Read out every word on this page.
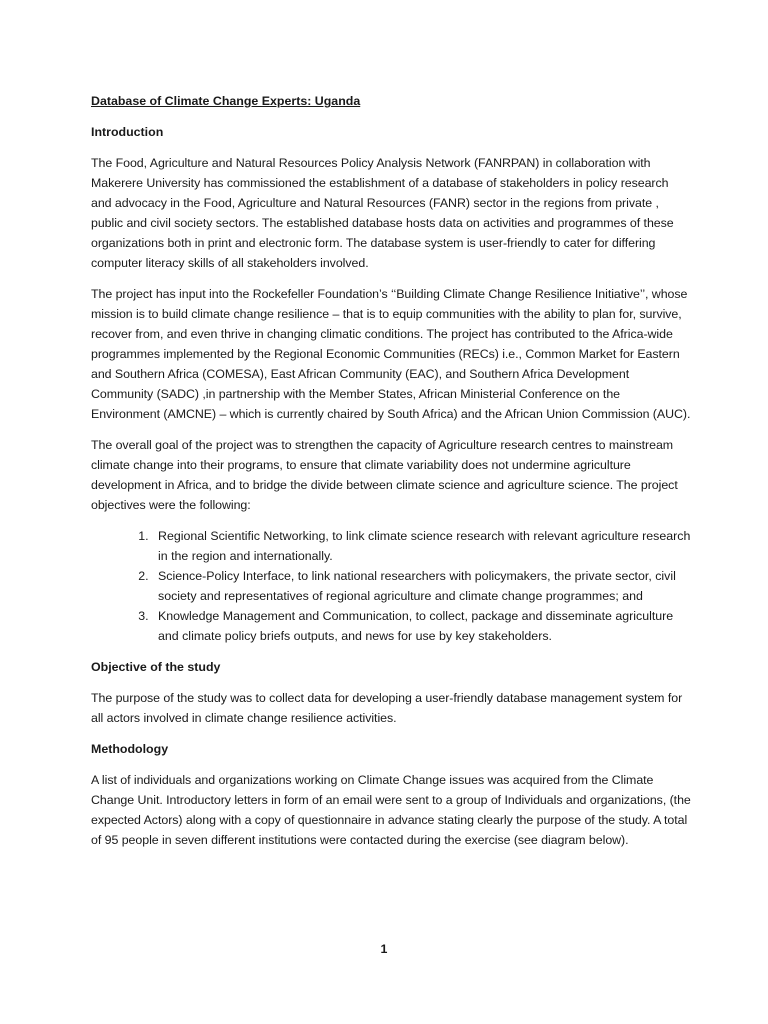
Database of Climate Change Experts: Uganda
Introduction

The Food, Agriculture and Natural Resources Policy Analysis Network (FANRPAN) in collaboration with Makerere University has commissioned the establishment of a database of stakeholders in policy research and advocacy in the Food, Agriculture and Natural Resources (FANR) sector in the regions from private , public and civil society sectors. The established database hosts data on activities and programmes of these organizations both in print and electronic form. The database system is user-friendly to cater for differing computer literacy skills of all stakeholders involved.

The project has input into the Rockefeller Foundation’s ‘‘Building Climate Change Resilience Initiative’’, whose mission is to build climate change resilience – that is to equip communities with the ability to plan for, survive, recover from, and even thrive in changing climatic conditions. The project has contributed to the Africa-wide programmes implemented by the Regional Economic Communities (RECs) i.e., Common Market for Eastern and Southern Africa (COMESA), East African Community (EAC), and Southern Africa Development Community (SADC) ,in partnership with the Member States, African Ministerial Conference on the Environment (AMCNE) – which is currently chaired by South Africa) and the African Union Commission (AUC).

The overall goal of the project was to strengthen the capacity of Agriculture research centres to mainstream climate change into their programs, to ensure that climate variability does not undermine agriculture development in Africa, and to bridge the divide between climate science and agriculture science. The project objectives were the following:

1. Regional Scientific Networking, to link climate science research with relevant agriculture research in the region and internationally.
2. Science-Policy Interface, to link national researchers with policymakers, the private sector, civil society and representatives of regional agriculture and climate change programmes; and
3. Knowledge Management and Communication, to collect, package and disseminate agriculture and climate policy briefs outputs, and news for use by key stakeholders.
Objective of the study

The purpose of the study was to collect data for developing a user-friendly database management system for all actors involved in climate change resilience activities.

Methodology

A list of individuals and organizations working on Climate Change issues was acquired from the Climate Change Unit. Introductory letters in form of an email were sent to a group of Individuals and organizations, (the expected Actors) along with a copy of questionnaire in advance stating clearly the purpose of the study. A total of 95 people in seven different institutions were contacted during the exercise (see diagram below).

1
